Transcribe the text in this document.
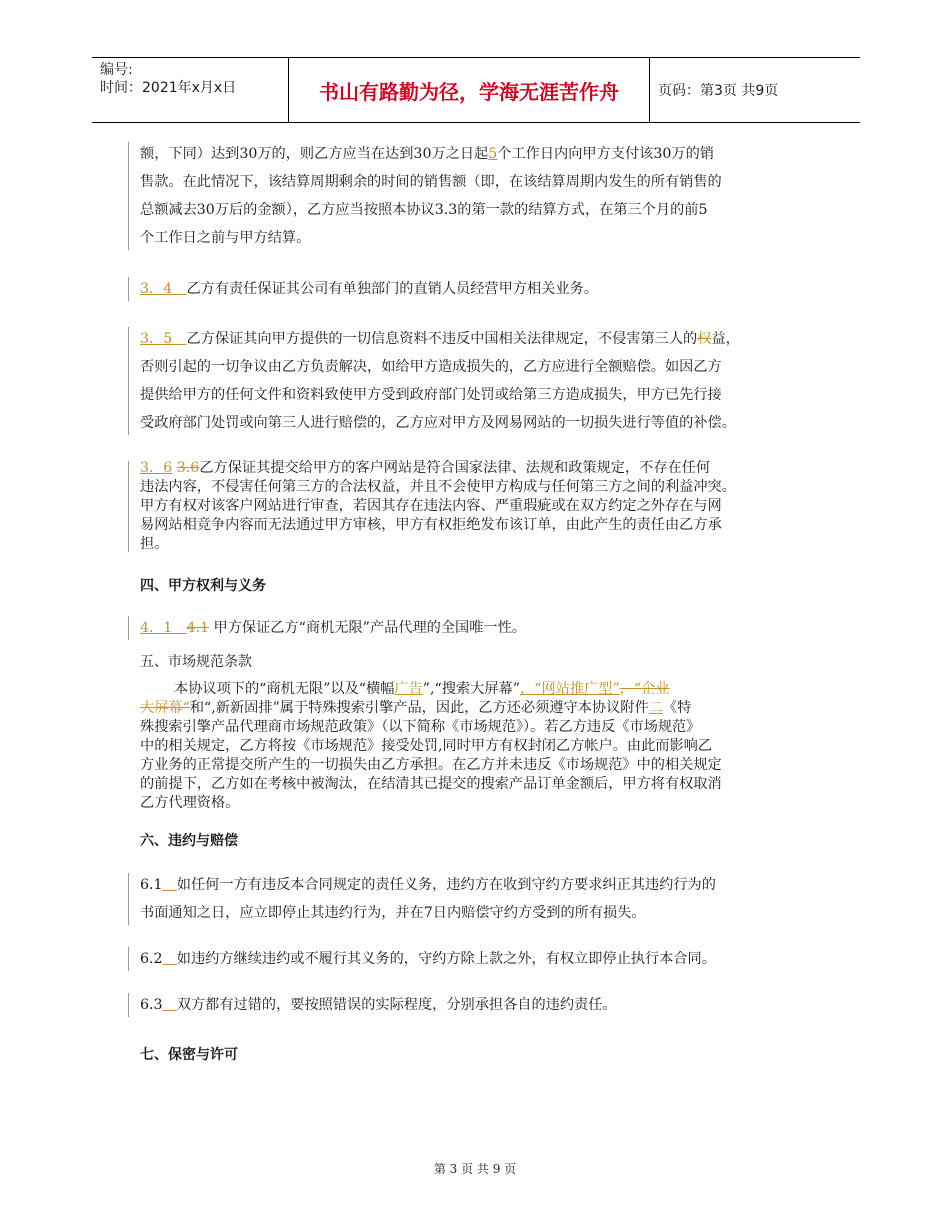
编号:
时间：2021年x月x日	书山有路勤为径，学海无涯苦作舟	页码：第3页 共9页
额，下同）达到30万的，则乙方应当在达到30万之日起5个工作日内向甲方支付该30万的销
售款。在此情况下，该结算周期剩余的时间的销售额（即，在该结算周期内发生的所有销售的
总额减去30万后的金额），乙方应当按照本协议3.3的第一款的结算方式，在第三个月的前5
个工作日之前与甲方结算。
3．4　乙方有责任保证其公司有单独部门的直销人员经营甲方相关业务。
3．5　乙方保证其向甲方提供的一切信息资料不违反中国相关法律规定，不侵害第三人的权益，
否则引起的一切争议由乙方负责解决，如给甲方造成损失的，乙方应进行全额赔偿。如因乙方
提供给甲方的任何文件和资料致使甲方受到政府部门处罚或给第三方造成损失，甲方已先行接
受政府部门处罚或向第三人进行赔偿的，乙方应对甲方及网易网站的一切损失进行等值的补偿。
3．6 3.6乙方保证其提交给甲方的客户网站是符合国家法律、法规和政策规定，不存在任何
违法内容，不侵害任何第三方的合法权益，并且不会使甲方构成与任何第三方之间的利益冲突。
甲方有权对该客户网站进行审查，若因其存在违法内容、严重瑕疵或在双方约定之外存在与网
易网站相竞争内容而无法通过甲方审核，甲方有权拒绝发布该订单，由此产生的责任由乙方承
担。
四、甲方权利与义务
4．1　4.1 甲方保证乙方“商机无限”产品代理的全国唯一性。
五、市场规范条款
本协议项下的“商机无限”以及“横幅广告”,“搜索大屏幕”，“网站推广型”，“企业
大屏幕“和“,新新固排”属于特殊搜索引擎产品，因此，乙方还必须遵守本协议附件二《特
殊搜索引擎产品代理商市场规范政策》（以下简称《市场规范》）。若乙方违反《市场规范》
中的相关规定，乙方将按《市场规范》接受处罚,同时甲方有权封闭乙方帐户。由此而影响乙
方业务的正常提交所产生的一切损失由乙方承担。在乙方并未违反《市场规范》中的相关规定
的前提下，乙方如在考核中被淘汰，在结清其已提交的搜索产品订单金额后，甲方将有权取消
乙方代理资格。
六、违约与赔偿
6.1　 如任何一方有违反本合同规定的责任义务，违约方在收到守约方要求纠正其违约行为的
书面通知之日，应立即停止其违约行为，并在7日内赔偿守约方受到的所有损失。
6.2　 如违约方继续违约或不履行其义务的，守约方除上款之外，有权立即停止执行本合同。
6.3　 双方都有过错的，要按照错误的实际程度，分别承担各自的违约责任。
七、保密与许可
第 3 页 共 9 页
